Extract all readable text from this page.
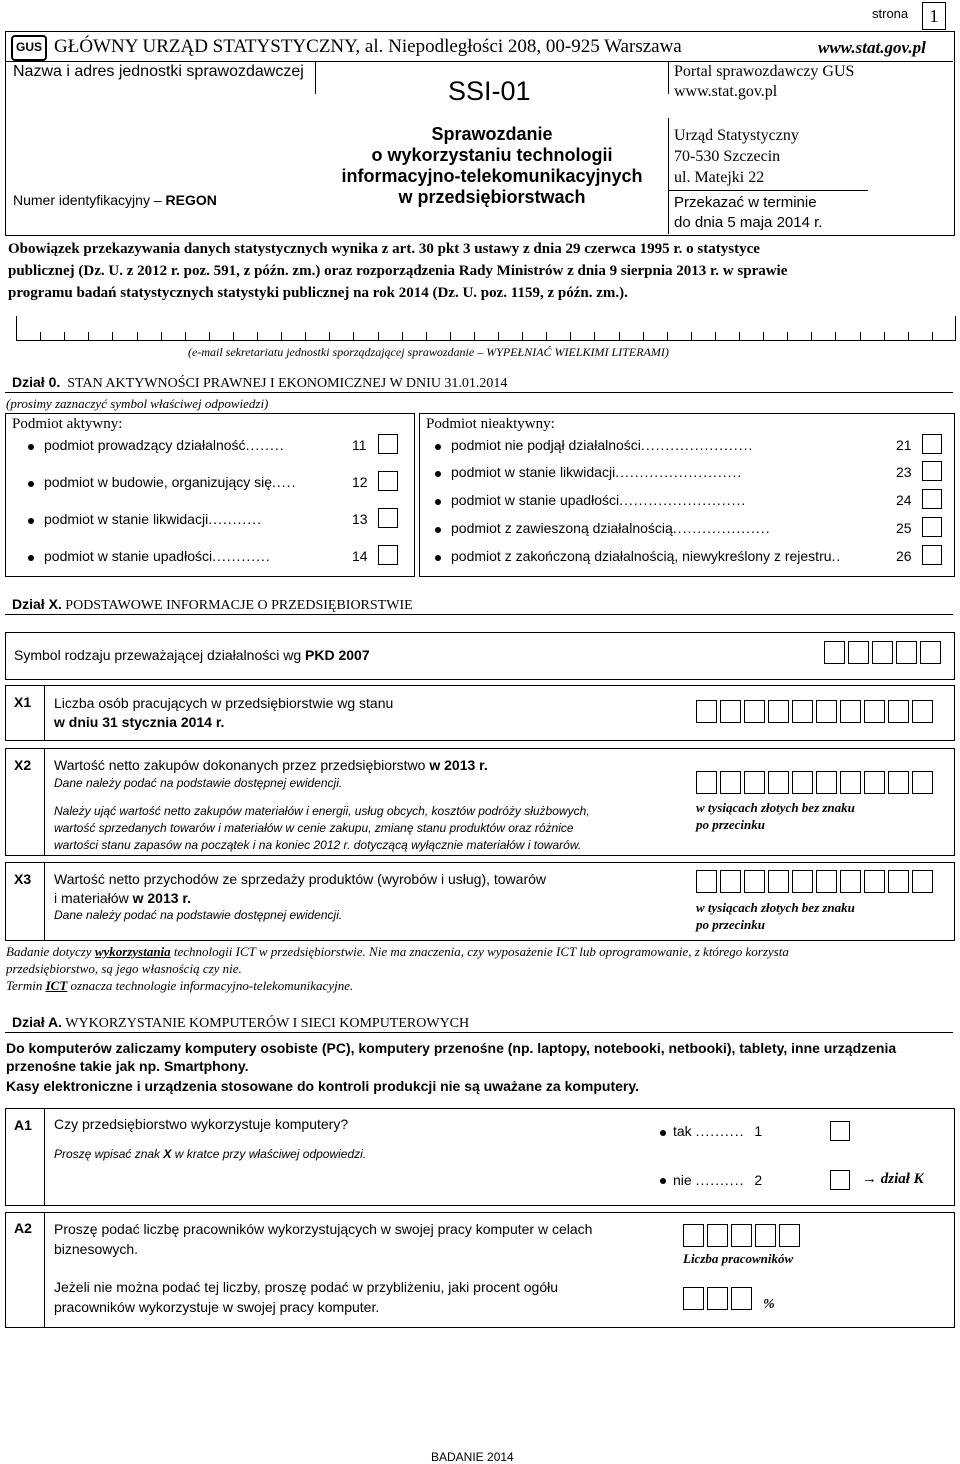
strona	1
GUS GŁÓWNY URZĄD STATYSTYCZNY, al. Niepodległości 208, 00-925 Warszawa	www.stat.gov.pl
Nazwa i adres jednostki sprawozdawczej
SSI-01
Portal sprawozdawczy GUS
www.stat.gov.pl
Sprawozdanie
o wykorzystaniu technologii
informacyjno-telekomunikacyjnych
w przedsiębiorstwach
Numer identyfikacyjny – REGON
Urząd Statystyczny
70-530 Szczecin
ul. Matejki 22
Przekazać w terminie
do dnia 5 maja 2014 r.
Obowiązek przekazywania danych statystycznych wynika z art. 30 pkt 3 ustawy z dnia 29 czerwca 1995 r. o statystyce
publicznej (Dz. U. z 2012 r. poz. 591, z późn. zm.) oraz rozporządzenia Rady Ministrów z dnia 9 sierpnia 2013 r. w sprawie
programu badań statystycznych statystyki publicznej na rok 2014 (Dz. U. poz. 1159, z późn. zm.).
(e-mail sekretariatu jednostki sporządzającej sprawozdanie – WYPEŁNIAĆ WIELKIMI LITERAMI)
Dział 0. STAN AKTYWNOŚCI PRAWNEJ I EKONOMICZNEJ W DNIU 31.01.2014
(prosimy zaznaczyć symbol właściwej odpowiedzi)
Podmiot aktywny:	Podmiot nieaktywny:
podmiot prowadzący działalność........	11
podmiot w budowie, organizujący się.....	12
podmiot w stanie likwidacji...........	13
podmiot w stanie upadłości............	14
podmiot nie podjął działalności.......................	21
podmiot w stanie likwidacji..........................	23
podmiot w stanie upadłości..........................	24
podmiot z zawieszoną działalnością....................	25
podmiot z zakończoną działalnością, niewykreślony z rejestru..	26
Dział X. PODSTAWOWE INFORMACJE O PRZEDSIĘBIORSTWIE
Symbol rodzaju przeważającej działalności wg PKD 2007
X1 Liczba osób pracujących w przedsiębiorstwie wg stanu
w dniu 31 stycznia 2014 r.
X2 Wartość netto zakupów dokonanych przez przedsiębiorstwo w 2013 r.
Dane należy podać na podstawie dostępnej ewidencji.
Należy ująć wartość netto zakupów materiałów i energii, usług obcych, kosztów podróży służbowych,
wartość sprzedanych towarów i materiałów w cenie zakupu, zmianę stanu produktów oraz różnice
wartości stanu zapasów na początek i na koniec 2012 r. dotyczącą wyłącznie materiałów i towarów.
w tysiącach złotych bez znaku
po przecinku
X3 Wartość netto przychodów ze sprzedaży produktów (wyrobów i usług), towarów
i materiałów w 2013 r.
Dane należy podać na podstawie dostępnej ewidencji.	w tysiącach złotych bez znaku
po przecinku
Badanie dotyczy wykorzystania technologii ICT w przedsiębiorstwie. Nie ma znaczenia, czy wyposażenie ICT lub oprogramowanie, z którego korzysta
przedsiębiorstwo, są jego własnością czy nie.
Termin ICT oznacza technologie informacyjno-telekomunikacyjne.
Dział A. WYKORZYSTANIE KOMPUTERÓW I SIECI KOMPUTEROWYCH
Do komputerów zaliczamy komputery osobiste (PC), komputery przenośne (np. laptopy, notebooki, netbooki), tablety, inne urządzenia
przenośne takie jak np. Smartphony.
Kasy elektroniczne i urządzenia stosowane do kontroli produkcji nie są uważane za komputery.
A1 Czy przedsiębiorstwo wykorzystuje komputery?
Proszę wpisać znak X w kratce przy właściwej odpowiedzi.
tak .......... 1
nie .......... 2	→ dział K
A2 Proszę podać liczbę pracowników wykorzystujących w swojej pracy komputer w celach
biznesowych.
Jeżeli nie można podać tej liczby, proszę podać w przybliżeniu, jaki procent ogółu
pracowników wykorzystuje w swojej pracy komputer.
Liczba pracowników
%
BADANIE 2014
